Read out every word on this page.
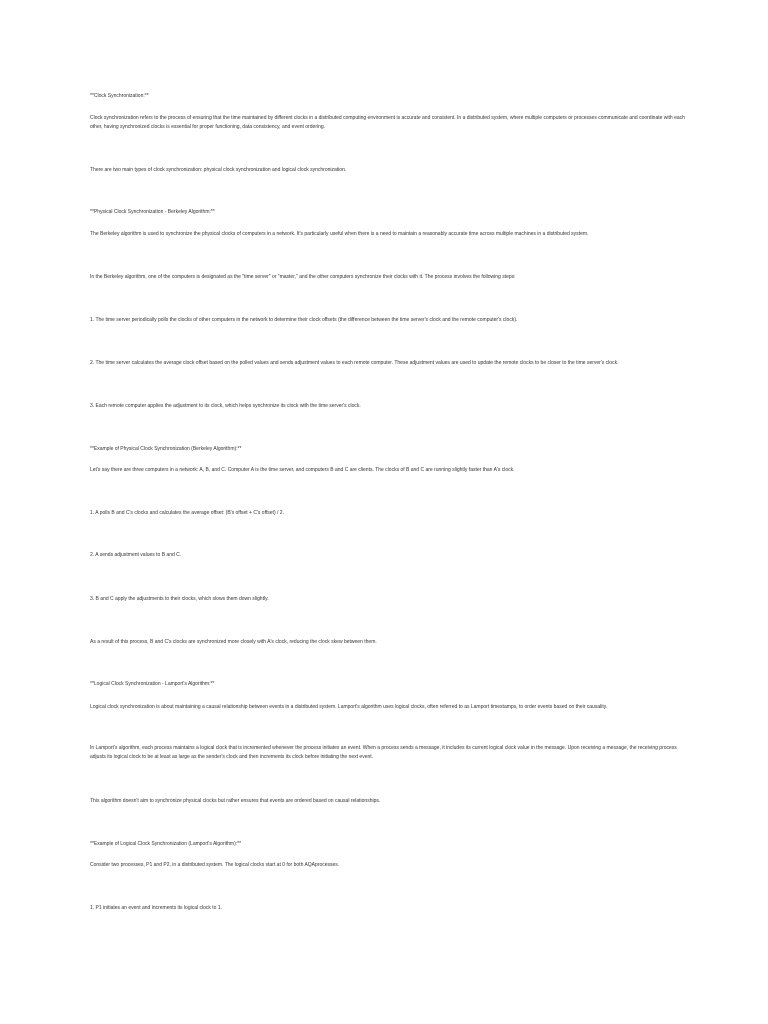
**Clock Synchronization:**

Clock synchronization refers to the process of ensuring that the time maintained by different clocks in a distributed computing environment is accurate and consistent. In a distributed system, where multiple computers or processes communicate and coordinate with each other, having synchronized clocks is essential for proper functioning, data consistency, and event ordering.

There are two main types of clock synchronization: physical clock synchronization and logical clock synchronization.

**Physical Clock Synchronization - Berkeley Algorithm:**

The Berkeley algorithm is used to synchronize the physical clocks of computers in a network. It's particularly useful when there is a need to maintain a reasonably accurate time across multiple machines in a distributed system.

In the Berkeley algorithm, one of the computers is designated as the "time server" or "master," and the other computers synchronize their clocks with it. The process involves the following steps:

1. The time server periodically polls the clocks of other computers in the network to determine their clock offsets (the difference between the time server's clock and the remote computer's clock).

2. The time server calculates the average clock offset based on the polled values and sends adjustment values to each remote computer. These adjustment values are used to update the remote clocks to be closer to the time server's clock.

3. Each remote computer applies the adjustment to its clock, which helps synchronize its clock with the time server's clock.

**Example of Physical Clock Synchronization (Berkeley Algorithm):**

Let's say there are three computers in a network: A, B, and C. Computer A is the time server, and computers B and C are clients. The clocks of B and C are running slightly faster than A's clock.

1. A polls B and C's clocks and calculates the average offset: (B's offset + C's offset) / 2.

2. A sends adjustment values to B and C.

3. B and C apply the adjustments to their clocks, which slows them down slightly.

As a result of this process, B and C's clocks are synchronized more closely with A's clock, reducing the clock skew between them.

**Logical Clock Synchronization - Lamport's Algorithm:**

Logical clock synchronization is about maintaining a causal relationship between events in a distributed system. Lamport's algorithm uses logical clocks, often referred to as Lamport timestamps, to order events based on their causality.

In Lamport's algorithm, each process maintains a logical clock that is incremented whenever the process initiates an event. When a process sends a message, it includes its current logical clock value in the message. Upon receiving a message, the receiving process adjusts its logical clock to be at least as large as the sender's clock and then increments its clock before initiating the next event.

This algorithm doesn't aim to synchronize physical clocks but rather ensures that events are ordered based on causal relationships.

**Example of Logical Clock Synchronization (Lamport's Algorithm):**

Consider two processes, P1 and P2, in a distributed system. The logical clocks start at 0 for both AQAprocesses.

1. P1 initiates an event and increments its logical clock to 1.
